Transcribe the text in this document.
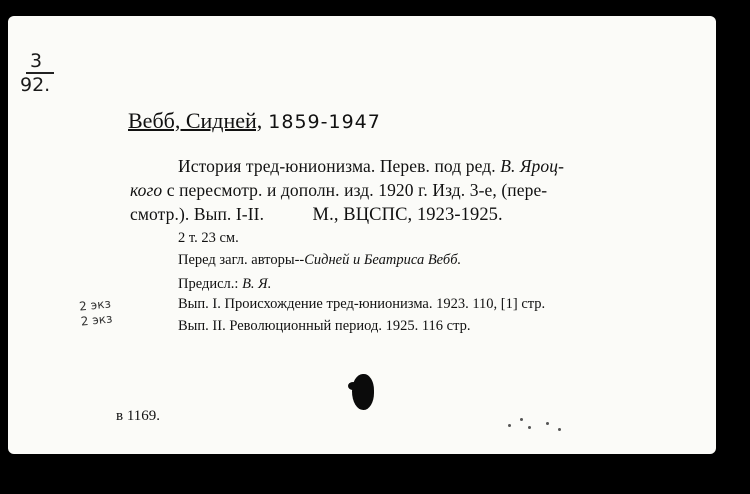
3
92.
Вебб, Сидней, 1859-1947
История тред-юнионизма. Перев. под ред. В. Яроц-
кого с пересмотр. и дополн. изд. 1920 г. Изд. 3-е, (пере-
смотр.). Вып. I-II.	М., ВЦСПС, 1923-1925.
2 т. 23 см.
Перед загл. авторы--Сидней и Беатриса Вебб.
Предисл.: В. Я.
Вып. I. Происхождение тред-юнионизма. 1923. 110, [1] стр.
Вып. II. Революционный период. 1925. 116 стр.
2 экз
2 экз
в 1169.
